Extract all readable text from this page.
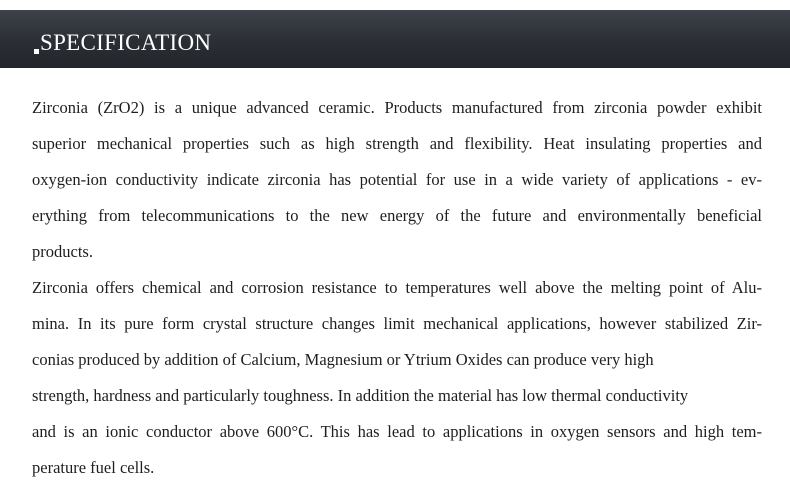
SPECIFICATION
Zirconia (ZrO2) is a unique advanced ceramic. Products manufactured from zirconia powder exhibit
superior mechanical properties such as high strength and flexibility. Heat insulating properties and
oxygen-ion conductivity indicate zirconia has potential for use in a wide variety of applications - ev-
erything from telecommunications to the new energy of the future and environmentally beneficial
products.
Zirconia offers chemical and corrosion resistance to temperatures well above the melting point of Alu-
mina. In its pure form crystal structure changes limit mechanical applications, however stabilized Zir-
conias produced by addition of Calcium, Magnesium or Ytrium Oxides can produce very high
strength, hardness and particularly toughness. In addition the material has low thermal conductivity
and is an ionic conductor above 600°C. This has lead to applications in oxygen sensors and high tem-
perature fuel cells.
